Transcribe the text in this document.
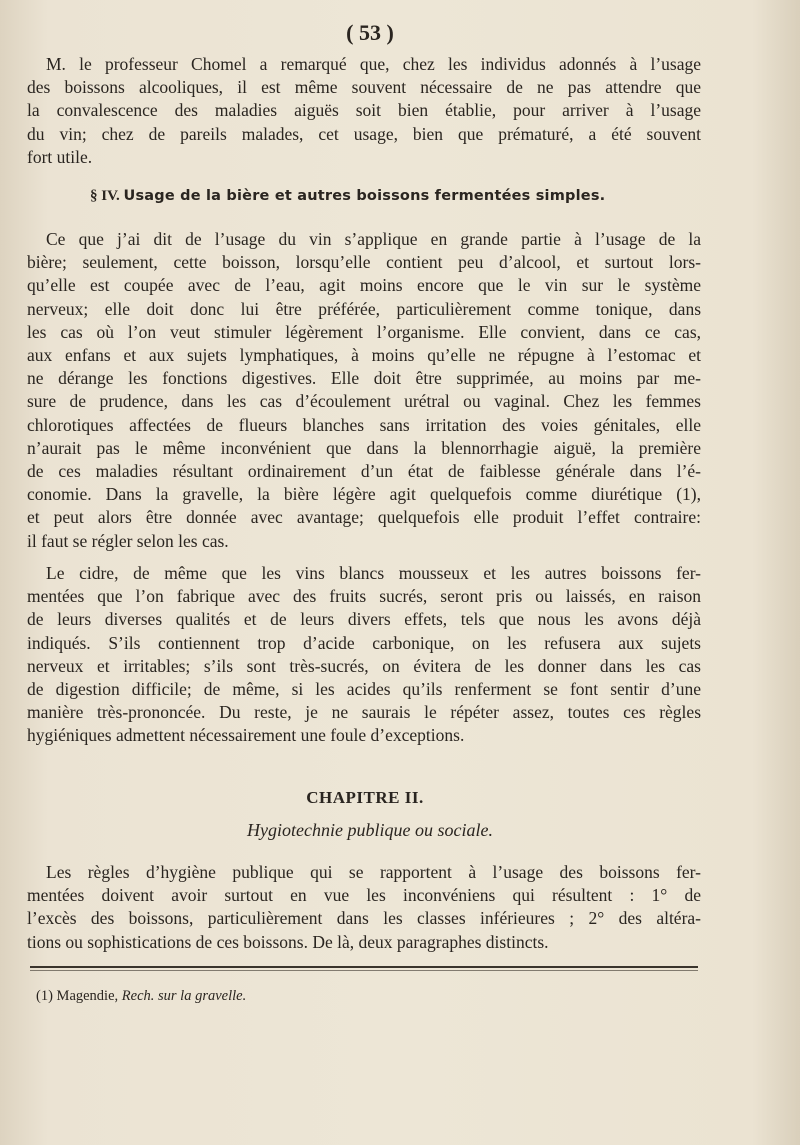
( 53 )
M. le professeur Chomel a remarqué que, chez les individus adonnés à l’usage
des boissons alcooliques, il est même souvent nécessaire de ne pas attendre que
la convalescence des maladies aiguës soit bien établie, pour arriver à l’usage
du vin; chez de pareils malades, cet usage, bien que prématuré, a été souvent
fort utile.
§ IV. Usage de la bière et autres boissons fermentées simples.
Ce que j’ai dit de l’usage du vin s’applique en grande partie à l’usage de la
bière; seulement, cette boisson, lorsqu’elle contient peu d’alcool, et surtout lors-
qu’elle est coupée avec de l’eau, agit moins encore que le vin sur le système
nerveux; elle doit donc lui être préférée, particulièrement comme tonique, dans
les cas où l’on veut stimuler légèrement l’organisme. Elle convient, dans ce cas,
aux enfans et aux sujets lymphatiques, à moins qu’elle ne répugne à l’estomac et
ne dérange les fonctions digestives. Elle doit être supprimée, au moins par me-
sure de prudence, dans les cas d’écoulement urétral ou vaginal. Chez les femmes
chlorotiques affectées de flueurs blanches sans irritation des voies génitales, elle
n’aurait pas le même inconvénient que dans la blennorrhagie aiguë, la première
de ces maladies résultant ordinairement d’un état de faiblesse générale dans l’é-
conomie. Dans la gravelle, la bière légère agit quelquefois comme diurétique (1),
et peut alors être donnée avec avantage; quelquefois elle produit l’effet contraire:
il faut se régler selon les cas.
Le cidre, de même que les vins blancs mousseux et les autres boissons fer-
mentées que l’on fabrique avec des fruits sucrés, seront pris ou laissés, en raison
de leurs diverses qualités et de leurs divers effets, tels que nous les avons déjà
indiqués. S’ils contiennent trop d’acide carbonique, on les refusera aux sujets
nerveux et irritables; s’ils sont très-sucrés, on évitera de les donner dans les cas
de digestion difficile; de même, si les acides qu’ils renferment se font sentir d’une
manière très-prononcée. Du reste, je ne saurais le répéter assez, toutes ces règles
hygiéniques admettent nécessairement une foule d’exceptions.
CHAPITRE II.
Hygiotechnie publique ou sociale.
Les règles d’hygiène publique qui se rapportent à l’usage des boissons fer-
mentées doivent avoir surtout en vue les inconvéniens qui résultent : 1° de
l’excès des boissons, particulièrement dans les classes inférieures ; 2° des altéra-
tions ou sophistications de ces boissons. De là, deux paragraphes distincts.
(1) Magendie, Rech. sur la gravelle.
